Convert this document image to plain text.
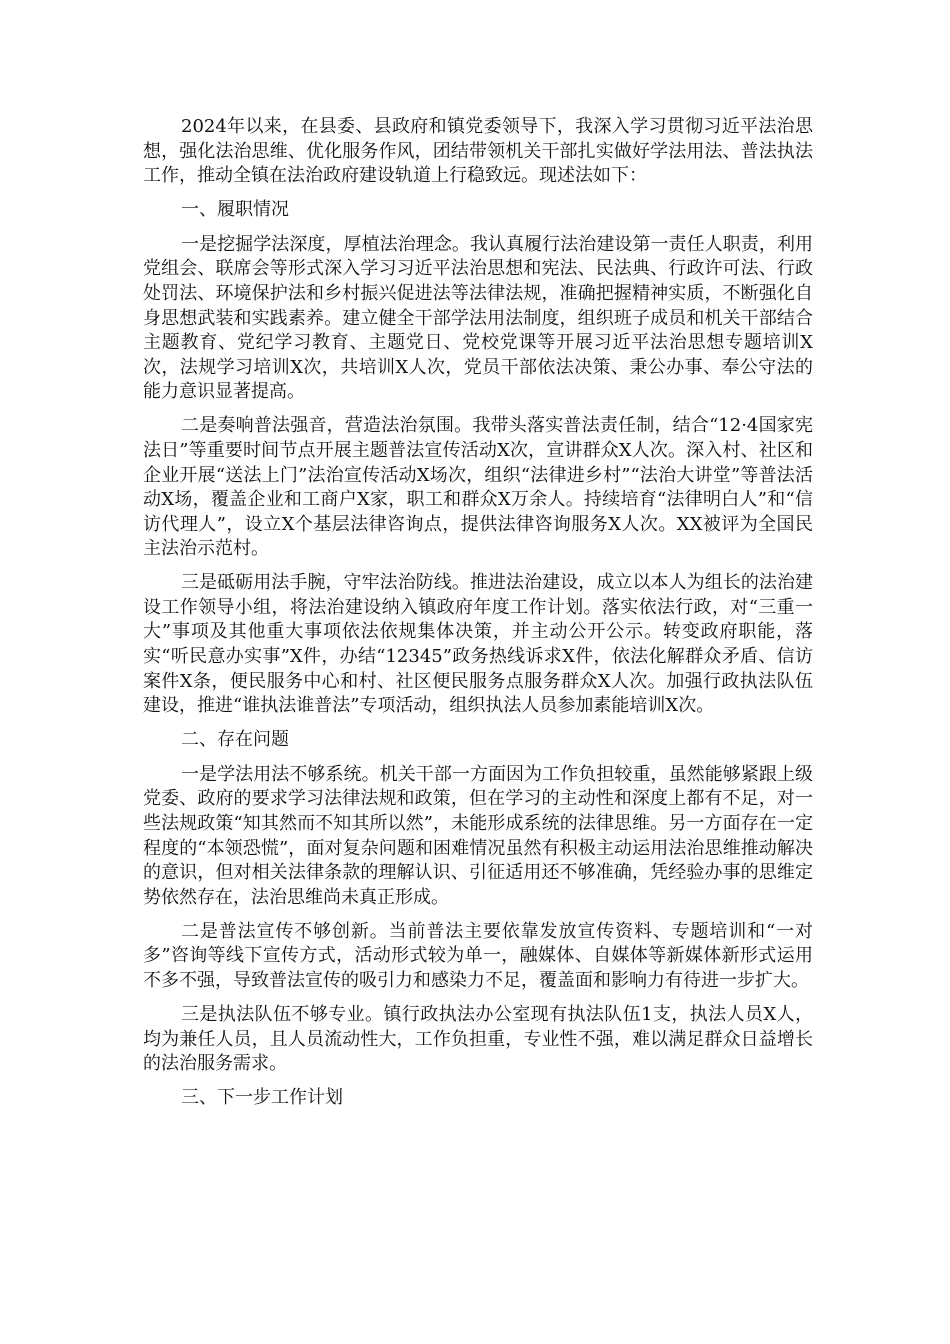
2024年以来，在县委、县政府和镇党委领导下，我深入学习贯彻习近平法治思想，强化法治思维、优化服务作风，团结带领机关干部扎实做好学法用法、普法执法工作，推动全镇在法治政府建设轨道上行稳致远。现述法如下：

一、履职情况

一是挖掘学法深度，厚植法治理念。我认真履行法治建设第一责任人职责，利用党组会、联席会等形式深入学习习近平法治思想和宪法、民法典、行政许可法、行政处罚法、环境保护法和乡村振兴促进法等法律法规，准确把握精神实质，不断强化自身思想武装和实践素养。建立健全干部学法用法制度，组织班子成员和机关干部结合主题教育、党纪学习教育、主题党日、党校党课等开展习近平法治思想专题培训X次，法规学习培训X次，共培训X人次，党员干部依法决策、秉公办事、奉公守法的能力意识显著提高。

二是奏响普法强音，营造法治氛围。我带头落实普法责任制，结合“12·4国家宪法日”等重要时间节点开展主题普法宣传活动X次，宣讲群众X人次。深入村、社区和企业开展“送法上门”法治宣传活动X场次，组织“法律进乡村”“法治大讲堂”等普法活动X场，覆盖企业和工商户X家，职工和群众X万余人。持续培育“法律明白人”和“信访代理人”，设立X个基层法律咨询点，提供法律咨询服务X人次。XX被评为全国民主法治示范村。

三是砥砺用法手腕，守牢法治防线。推进法治建设，成立以本人为组长的法治建设工作领导小组，将法治建设纳入镇政府年度工作计划。落实依法行政，对“三重一大”事项及其他重大事项依法依规集体决策，并主动公开公示。转变政府职能，落实“听民意办实事”X件，办结“12345”政务热线诉求X件，依法化解群众矛盾、信访案件X条，便民服务中心和村、社区便民服务点服务群众X人次。加强行政执法队伍建设，推进“谁执法谁普法”专项活动，组织执法人员参加素能培训X次。

二、存在问题

一是学法用法不够系统。机关干部一方面因为工作负担较重，虽然能够紧跟上级党委、政府的要求学习法律法规和政策，但在学习的主动性和深度上都有不足，对一些法规政策“知其然而不知其所以然”，未能形成系统的法律思维。另一方面存在一定程度的“本领恐慌”，面对复杂问题和困难情况虽然有积极主动运用法治思维推动解决的意识，但对相关法律条款的理解认识、引征适用还不够准确，凭经验办事的思维定势依然存在，法治思维尚未真正形成。

二是普法宣传不够创新。当前普法主要依靠发放宣传资料、专题培训和“一对多”咨询等线下宣传方式，活动形式较为单一，融媒体、自媒体等新媒体新形式运用不多不强，导致普法宣传的吸引力和感染力不足，覆盖面和影响力有待进一步扩大。

三是执法队伍不够专业。镇行政执法办公室现有执法队伍1支，执法人员X人，均为兼任人员，且人员流动性大，工作负担重，专业性不强，难以满足群众日益增长的法治服务需求。

三、下一步工作计划
